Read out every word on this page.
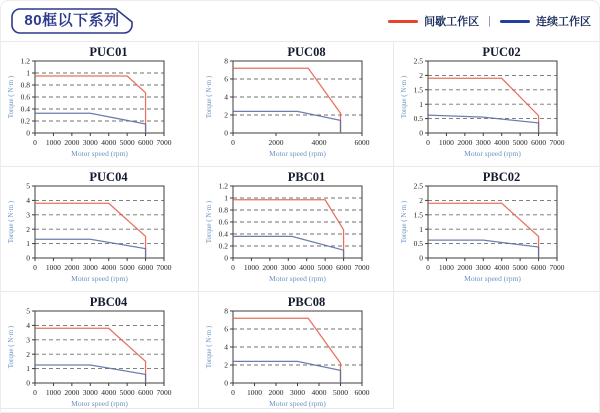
80框以下系列	间歇工作区 |	连续工作区
PUC01
0
0.2
0.4
0.6
0.8
1
1.2
0 1000 2000 3000 4000 5000 6000 7000
Torque ( N·m )
Motor speed (rpm)
PUC08
0
2
4
6
8
0	2000	4000	6000
Torque ( N·m )
Motor speed (rpm)
PUC02
0
0.5
1
1.5
2
2.5
0 1000 2000 3000 4000 5000 6000 7000
Torque ( N·m )
Motor speed (rpm)
PUC04
0
1
2
3
4
5
0 1000 2000 3000 4000 5000 6000 7000
Torque ( N·m )
Motor speed (rpm)
PBC01
0
0.2
0.4
0.6
0.8
1
1.2
0 1000 2000 3000 4000 5000 6000 7000
Torque ( N·m )
Motor speed (rpm)
PBC02
0
0.5
1
1.5
2
2.5
0 1000 2000 3000 4000 5000 6000 7000
Torque ( N·m )
Motor speed (rpm)
PBC04
0
1
2
3
4
5
0 1000 2000 3000 4000 5000 6000 7000
Torque ( N·m )
Motor speed (rpm)
PBC08
0
2
4
6
8
0 1000 2000 3000 4000 5000 6000
Torque ( N·m )
Motor speed (rpm)
